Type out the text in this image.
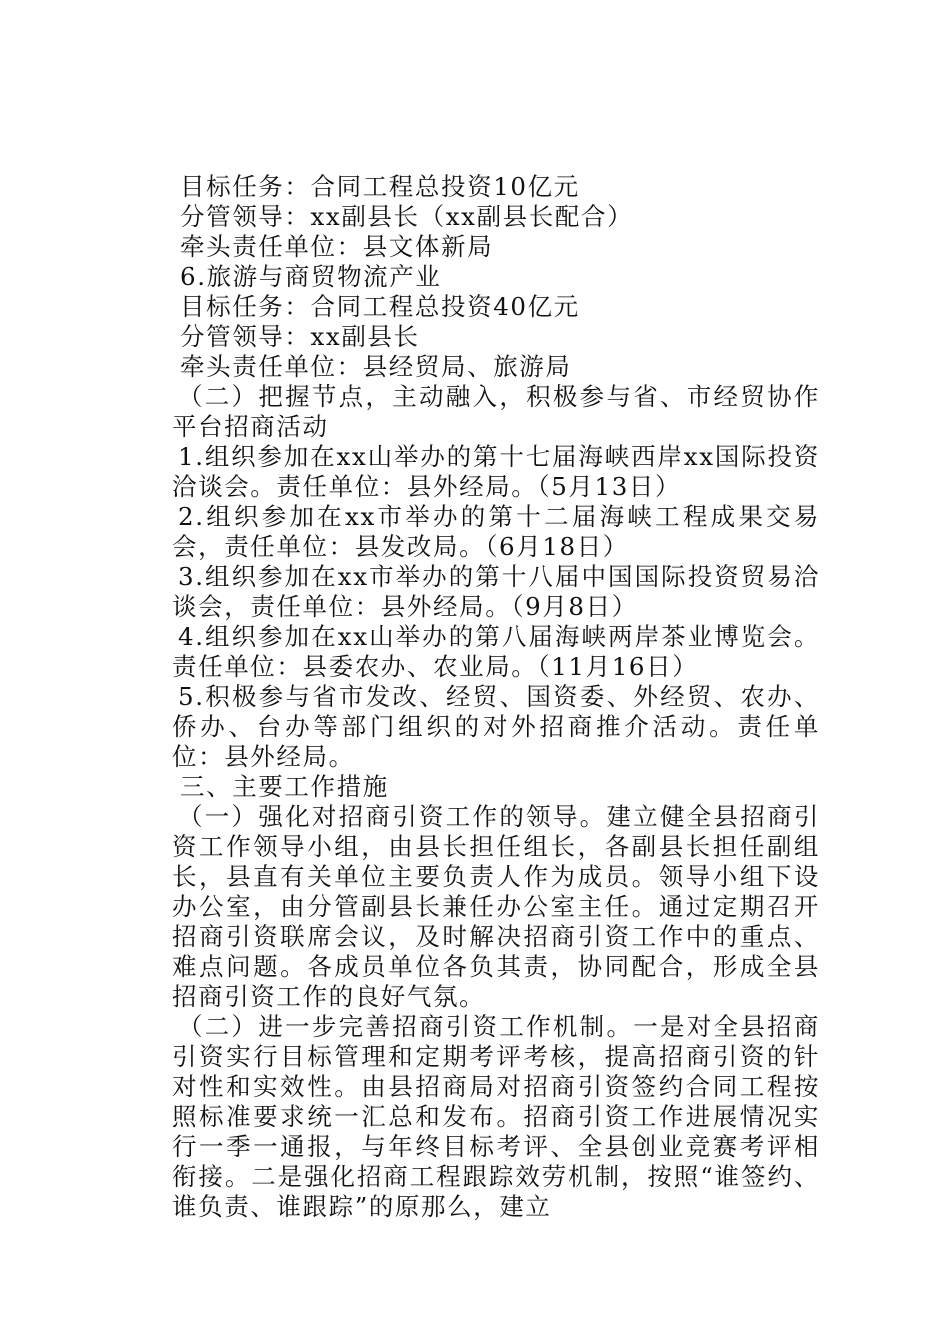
目标任务：合同工程总投资10亿元
分管领导：xx副县长（xx副县长配合）
牵头责任单位：县文体新局
6.旅游与商贸物流产业
目标任务：合同工程总投资40亿元
分管领导：xx副县长
牵头责任单位：县经贸局、旅游局
（二）把握节点，主动融入，积极参与省、市经贸协作平台招商活动
1.组织参加在xx山举办的第十七届海峡西岸xx国际投资洽谈会。责任单位：县外经局。（5月13日）
2.组织参加在xx市举办的第十二届海峡工程成果交易会，责任单位：县发改局。（6月18日）
3.组织参加在xx市举办的第十八届中国国际投资贸易洽谈会，责任单位：县外经局。（9月8日）
4.组织参加在xx山举办的第八届海峡两岸茶业博览会。责任单位：县委农办、农业局。（11月16日）
5.积极参与省市发改、经贸、国资委、外经贸、农办、侨办、台办等部门组织的对外招商推介活动。责任单位：县外经局。
三、主要工作措施
（一）强化对招商引资工作的领导。建立健全县招商引资工作领导小组，由县长担任组长，各副县长担任副组长，县直有关单位主要负责人作为成员。领导小组下设办公室，由分管副县长兼任办公室主任。通过定期召开招商引资联席会议，及时解决招商引资工作中的重点、难点问题。各成员单位各负其责，协同配合，形成全县招商引资工作的良好气氛。
（二）进一步完善招商引资工作机制。一是对全县招商引资实行目标管理和定期考评考核，提高招商引资的针对性和实效性。由县招商局对招商引资签约合同工程按照标准要求统一汇总和发布。招商引资工作进展情况实行一季一通报，与年终目标考评、全县创业竞赛考评相衔接。二是强化招商工程跟踪效劳机制，按照“谁签约、谁负责、谁跟踪”的原那么，建立
